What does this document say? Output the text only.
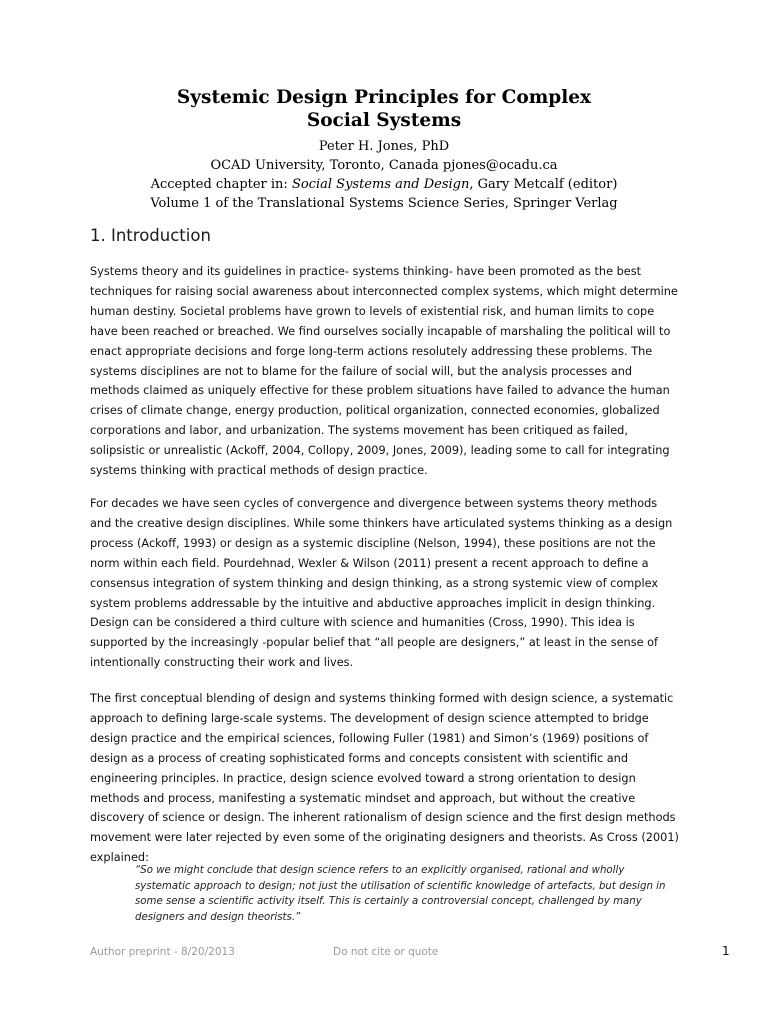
Systemic Design Principles for Complex
Social Systems
Peter H. Jones, PhD
OCAD University, Toronto, Canada pjones@ocadu.ca
Accepted chapter in: Social Systems and Design, Gary Metcalf (editor)
Volume 1 of the Translational Systems Science Series, Springer Verlag
1. Introduction

Systems theory and its guidelines in practice- systems thinking- have been promoted as the best techniques for raising social awareness about interconnected complex systems, which might determine human destiny. Societal problems have grown to levels of existential risk, and human limits to cope have been reached or breached. We find ourselves socially incapable of marshaling the political will to enact appropriate decisions and forge long-term actions resolutely addressing these problems. The systems disciplines are not to blame for the failure of social will, but the analysis processes and methods claimed as uniquely effective for these problem situations have failed to advance the human crises of climate change, energy production, political organization, connected economies, globalized corporations and labor, and urbanization. The systems movement has been critiqued as failed, solipsistic or unrealistic (Ackoff, 2004, Collopy, 2009, Jones, 2009), leading some to call for integrating systems thinking with practical methods of design practice.

For decades we have seen cycles of convergence and divergence between systems theory methods and the creative design disciplines. While some thinkers have articulated systems thinking as a design process (Ackoff, 1993) or design as a systemic discipline (Nelson, 1994), these positions are not the norm within each field. Pourdehnad, Wexler & Wilson (2011) present a recent approach to define a consensus integration of system thinking and design thinking, as a strong systemic view of complex system problems addressable by the intuitive and abductive approaches implicit in design thinking. Design can be considered a third culture with science and humanities (Cross, 1990). This idea is supported by the increasingly -popular belief that “all people are designers,” at least in the sense of intentionally constructing their work and lives.

The first conceptual blending of design and systems thinking formed with design science, a systematic approach to defining large-scale systems. The development of design science attempted to bridge design practice and the empirical sciences, following Fuller (1981) and Simon’s (1969) positions of design as a process of creating sophisticated forms and concepts consistent with scientific and engineering principles. In practice, design science evolved toward a strong orientation to design methods and process, manifesting a systematic mindset and approach, but without the creative discovery of science or design. The inherent rationalism of design science and the first design methods movement were later rejected by even some of the originating designers and theorists. As Cross (2001) explained:

“So we might conclude that design science refers to an explicitly organised, rational and wholly systematic approach to design; not just the utilisation of scientific knowledge of artefacts, but design in some sense a scientific activity itself. This is certainly a controversial concept, challenged by many designers and design theorists.”

Author preprint - 8/20/2013	Do not cite or quote	1
